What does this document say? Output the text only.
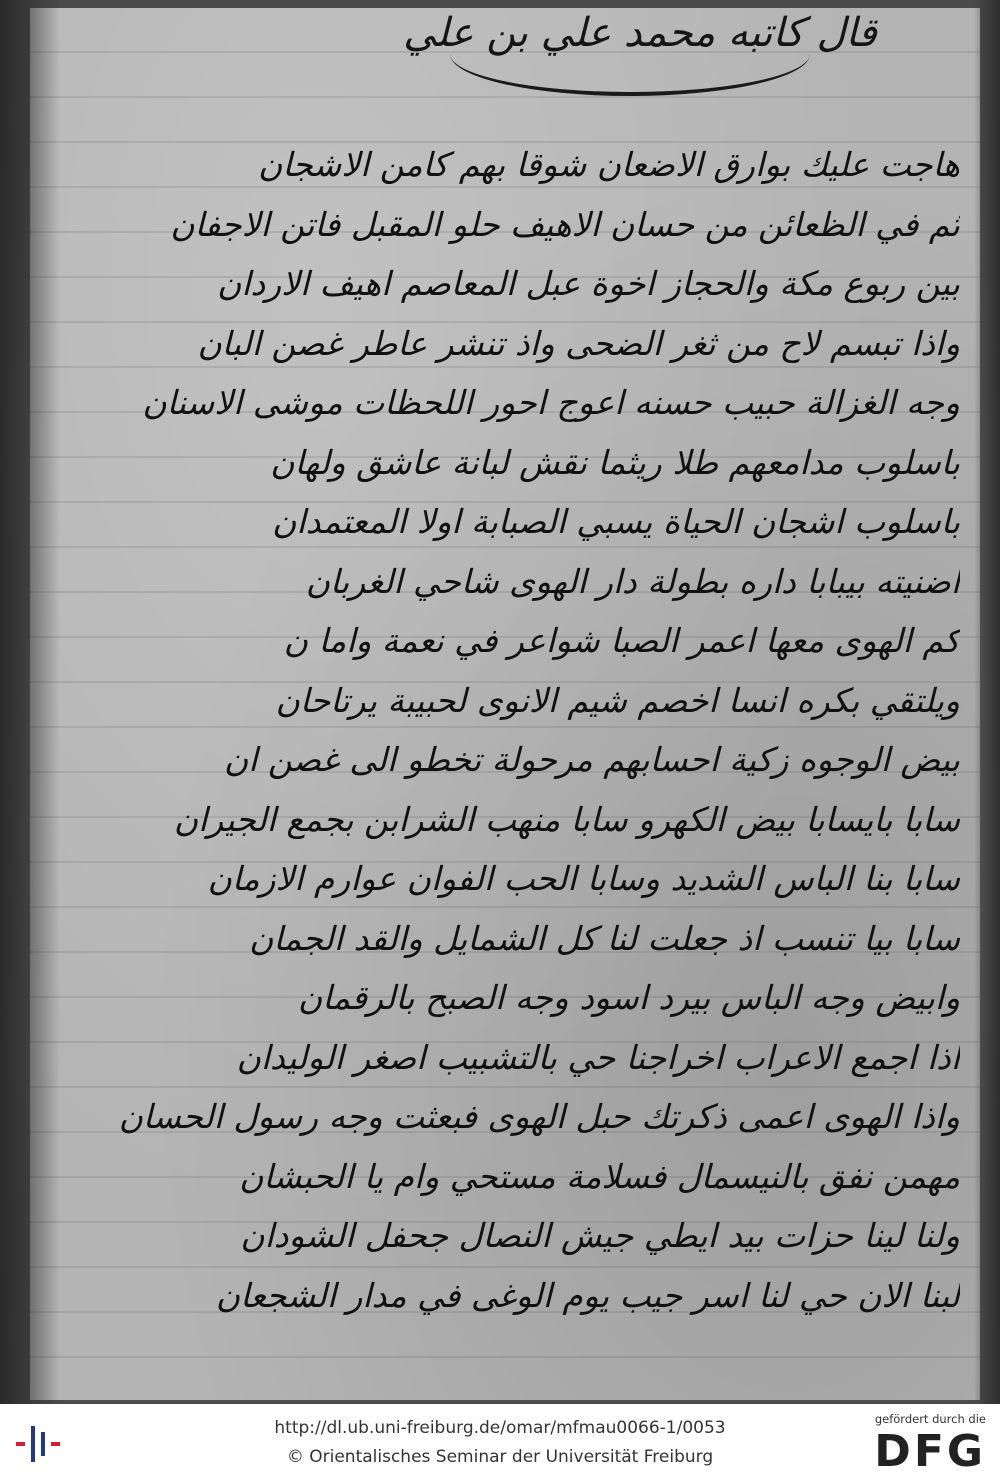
قال كاتبه محمد علي بن علي
هاجت عليك بوارق الاضعان شوقا بهم كامن الاشجان
ثم في الظعائن من حسان الاهيف حلو المقبل فاتن الاجفان
بين ربوع مكة والحجاز اخوة عبل المعاصم اهيف الاردان
واذا تبسم لاح من ثغر الضحى واذ تنشر عاطر غصن البان
وجه الغزالة حبيب حسنه اعوج احور اللحظات موشى الاسنان
باسلوب مدامعهم طلا ريثما نقش لبانة عاشق ولهان
باسلوب اشجان الحياة يسبي الصبابة اولا المعتمدان
اضنيته بيبابا داره بطولة دار الهوى شاحي الغربان
كم الهوى معها اعمر الصبا شواعر في نعمة واما ن
ويلتقي بكره انسا اخصم شيم الانوى لحبيبة يرتاحان
بيض الوجوه زكية احسابهم مرحولة تخطو الى غصن ان
سابا بايسابا بيض الكهرو سابا منهب الشرابن بجمع الجيران
سابا بنا الباس الشديد وسابا الحب الفوان عوارم الازمان
سابا بيا تنسب اذ جعلت لنا كل الشمايل والقد الجمان
وابيض وجه الباس بيرد اسود وجه الصبح بالرقمان
اذا اجمع الاعراب اخراجنا حي بالتشبيب اصغر الوليدان
واذا الهوى اعمى ذكرتك حبل الهوى فبعثت وجه رسول الحسان
مهمن نفق بالنيسمال فسلامة مستحي وام يا الحبشان
ولنا لينا حزات بيد ايطي جيش النصال جحفل الشودان
لبنا الان حي لنا اسر جيب يوم الوغى في مدار الشجعان
http://dl.ub.uni-freiburg.de/omar/mfmau0066-1/0053
© Orientalisches Seminar der Universität Freiburg
gefördert durch die
DFG
